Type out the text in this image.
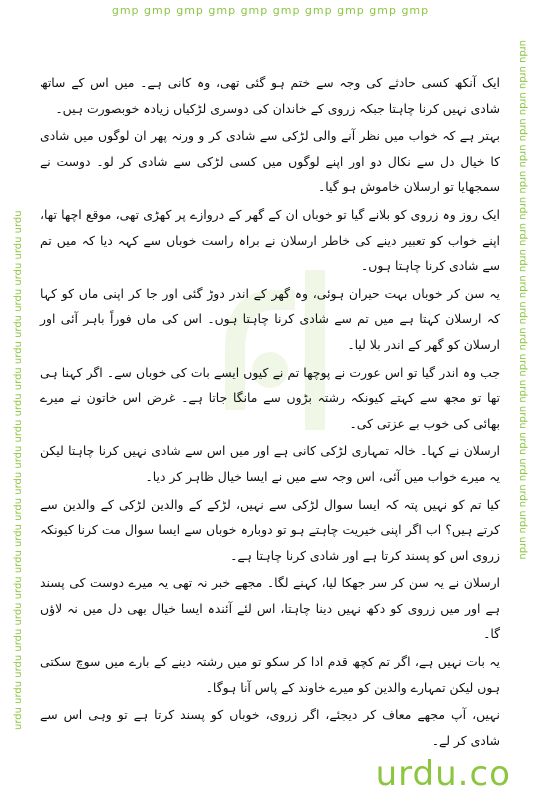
gmp gmp gmp gmp gmp gmp gmp gmp gmp gmp
urdu urdu urdu urdu urdu urdu urdu urdu urdu urdu urdu urdu urdu urdu urdu urdu urdu urdu urdu urdu	urdu urdu urdu urdu urdu urdu urdu urdu urdu urdu urdu urdu urdu urdu urdu urdu urdu urdu urdu urdu

ایک آنکھ کسی حادثے کی وجہ سے ختم ہو گئی تھی، وہ کانی ہے۔ میں اس کے ساتھ شادی نہیں کرنا چاہتا جبکہ زروی کے خاندان کی دوسری لڑکیاں زیادہ خوبصورت ہیں۔

بہتر ہے کہ خواب میں نظر آنے والی لڑکی سے شادی کر و ورنہ پھر ان لوگوں میں شادی کا خیال دل سے نکال دو اور اپنے لوگوں میں کسی لڑکی سے شادی کر لو۔ دوست نے سمجھایا تو ارسلان خاموش ہو گیا۔

ایک روز وہ زروی کو بلانے گیا تو خوباں ان کے گھر کے دروازے پر کھڑی تھی، موقع اچھا تھا، اپنے خواب کو تعبیر دینے کی خاطر ارسلان نے براہ راست خوباں سے کہہ دیا کہ میں تم سے شادی کرنا چاہتا ہوں۔

یہ سن کر خوباں بہت حیران ہوئی، وہ گھر کے اندر دوڑ گئی اور جا کر اپنی ماں کو کہا کہ ارسلان کہتا ہے میں تم سے شادی کرنا چاہتا ہوں۔ اس کی ماں فوراً باہر آئی اور ارسلان کو گھر کے اندر بلا لیا۔

جب وہ اندر گیا تو اس عورت نے پوچھا تم نے کیوں ایسے بات کی خوباں سے۔ اگر کہنا ہی تھا تو مجھ سے کہتے کیونکہ رشتہ بڑوں سے مانگا جاتا ہے۔ غرض اس خاتون نے میرے بھائی کی خوب بے عزتی کی۔

ارسلان نے کہا۔ خالہ تمہاری لڑکی کانی ہے اور میں اس سے شادی نہیں کرنا چاہتا لیکن یہ میرے خواب میں آئی، اس وجہ سے میں نے ایسا خیال ظاہر کر دیا۔

کیا تم کو نہیں پتہ کہ ایسا سوال لڑکی سے نہیں، لڑکے کے والدین لڑکی کے والدین سے کرتے ہیں؟ اب اگر اپنی خیریت چاہتے ہو تو دوبارہ خوباں سے ایسا سوال مت کرنا کیونکہ زروی اس کو پسند کرتا ہے اور شادی کرنا چاہتا ہے۔

ارسلان نے یہ سن کر سر جھکا لیا، کہنے لگا۔ مجھے خبر نہ تھی یہ میرے دوست کی پسند ہے اور میں زروی کو دکھ نہیں دینا چاہتا، اس لئے آئندہ ایسا خیال بھی دل میں نہ لاؤں گا۔

یہ بات نہیں ہے، اگر تم کچھ قدم ادا کر سکو تو میں رشتہ دینے کے بارے میں سوچ سکتی ہوں لیکن تمہارے والدین کو میرے خاوند کے پاس آنا ہوگا۔

نہیں، آپ مجھے معاف کر دیجئے، اگر زروی، خوباں کو پسند کرتا ہے تو وہی اس سے شادی کر لے۔

urdu.co
